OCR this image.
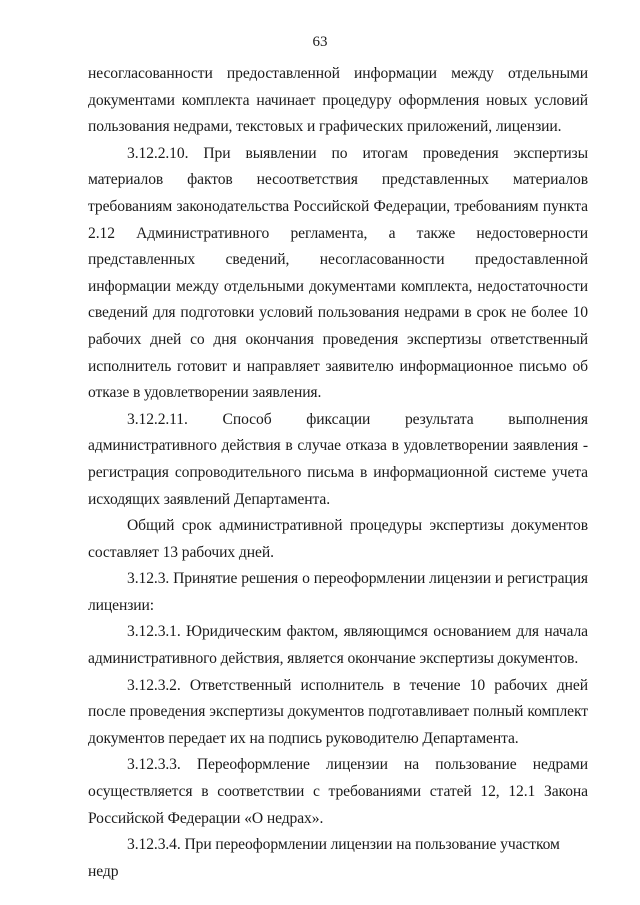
63

несогласованности предоставленной информации между отдельными документами комплекта начинает процедуру оформления новых условий пользования недрами, текстовых и графических приложений, лицензии.

3.12.2.10. При выявлении по итогам проведения экспертизы материалов фактов несоответствия представленных материалов требованиям законодательства Российской Федерации, требованиям пункта 2.12 Административного регламента, а также недостоверности представленных сведений, несогласованности предоставленной информации между отдельными документами комплекта, недостаточности сведений для подготовки условий пользования недрами в срок не более 10 рабочих дней со дня окончания проведения экспертизы ответственный исполнитель готовит и направляет заявителю информационное письмо об отказе в удовлетворении заявления.

3.12.2.11. Способ фиксации результата выполнения административного действия в случае отказа в удовлетворении заявления - регистрация сопроводительного письма в информационной системе учета исходящих заявлений Департамента.

Общий срок административной процедуры экспертизы документов составляет 13 рабочих дней.

3.12.3. Принятие решения о переоформлении лицензии и регистрация лицензии:

3.12.3.1. Юридическим фактом, являющимся основанием для начала административного действия, является окончание экспертизы документов.

3.12.3.2. Ответственный исполнитель в течение 10 рабочих дней после проведения экспертизы документов подготавливает полный комплект документов передает их на подпись руководителю Департамента.

3.12.3.3. Переоформление лицензии на пользование недрами осуществляется в соответствии с требованиями статей 12, 12.1 Закона Российской Федерации «О недрах».

3.12.3.4. При переоформлении лицензии на пользование участком недр
